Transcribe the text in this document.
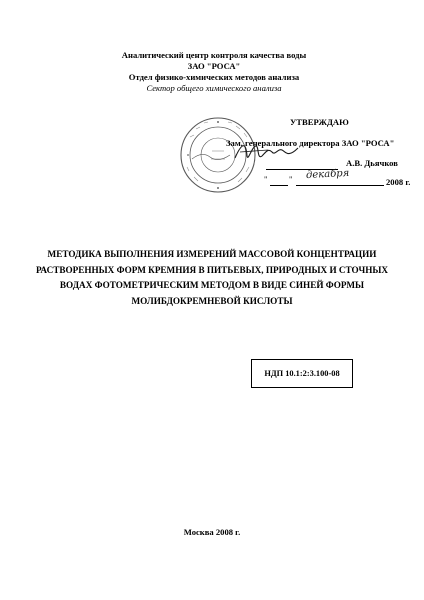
Аналитический центр контроля качества воды
ЗАО "РОСА"
Отдел физико-химических методов анализа
Сектор общего химического анализа
УТВЕРЖДАЮ
Зам. генерального директора ЗАО "РОСА"
А.В. Дьячков
" " декабря
2008 г.
МЕТОДИКА ВЫПОЛНЕНИЯ ИЗМЕРЕНИЙ МАССОВОЙ КОНЦЕНТРАЦИИ
РАСТВОРЕННЫХ ФОРМ КРЕМНИЯ В ПИТЬЕВЫХ, ПРИРОДНЫХ И СТОЧНЫХ
ВОДАХ ФОТОМЕТРИЧЕСКИМ МЕТОДОМ В ВИДЕ СИНЕЙ ФОРМЫ
МОЛИБДОКРЕМНЕВОЙ КИСЛОТЫ
НДП 10.1:2:3.100-08
Москва 2008 г.
